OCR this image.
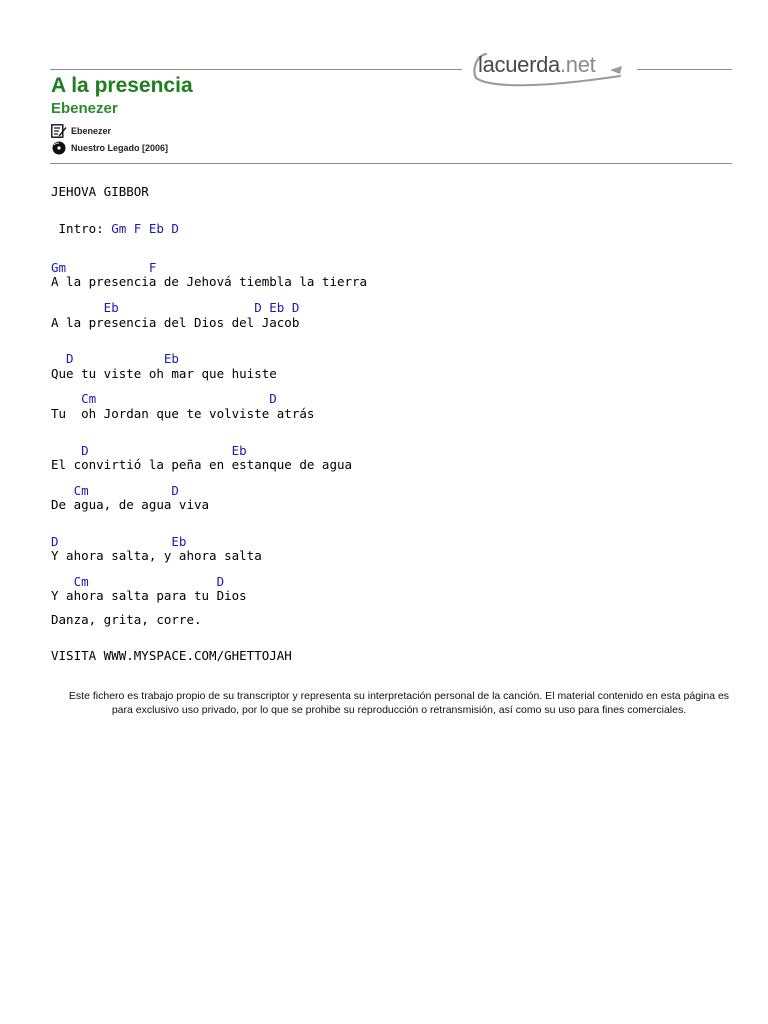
lacuerda.net
A la presencia
Ebenezer
Ebenezer
Nuestro Legado [2006]
JEHOVA GIBBOR
Intro: Gm F Eb D
Gm           F
A la presencia de Jehová tiembla la tierra
Eb                  D Eb D
A la presencia del Dios del Jacob
D            Eb
Que tu viste oh mar que huiste
Cm                       D
Tu  oh Jordan que te volviste atrás
D                   Eb
El convirtió la peña en estanque de agua
Cm           D
De agua, de agua viva
D               Eb
Y ahora salta, y ahora salta
Cm                 D
Y ahora salta para tu Dios
Danza, grita, corre.
VISITA WWW.MYSPACE.COM/GHETTOJAH
Este fichero es trabajo propio de su transcriptor y representa su interpretación personal de la canción. El material contenido en esta página es para exclusivo uso privado, por lo que se prohibe su reproducción o retransmisión, así como su uso para fines comerciales.
